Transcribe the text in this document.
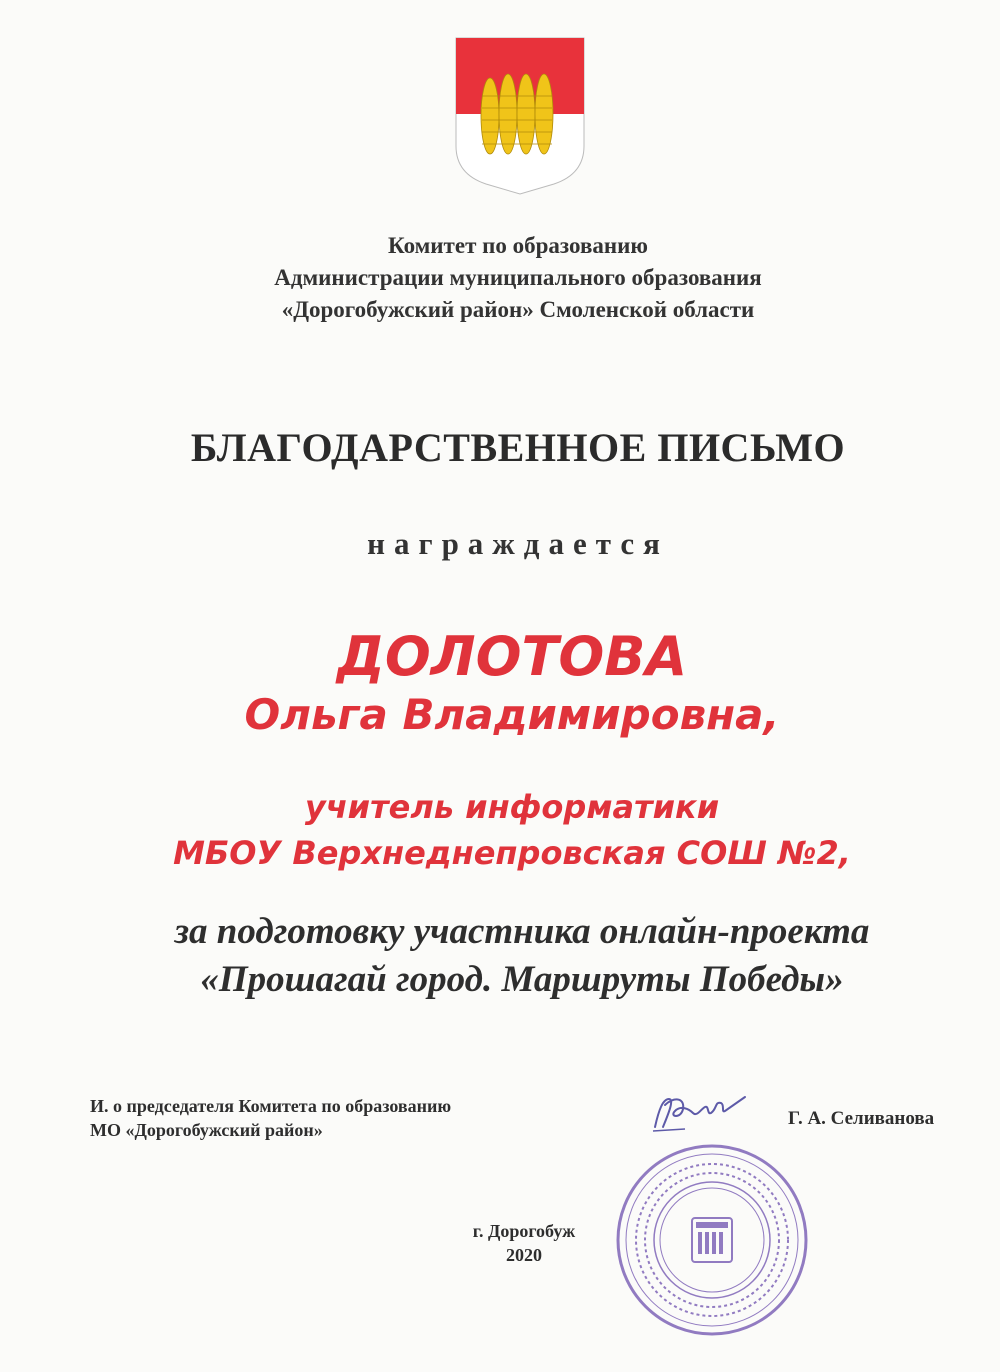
Комитет по образованию
Администрации муниципального образования
«Дорогобужский район» Смоленской области
БЛАГОДАРСТВЕННОЕ ПИСЬМО
награждается
ДОЛОТОВА
Ольга Владимировна,
учитель информатики
МБОУ Верхнеднепровская СОШ №2,
за подготовку участника онлайн-проекта
«Прошагай город. Маршруты Победы»
И. о председателя Комитета по образованию
МО «Дорогобужский район»
Г. А. Селиванова
г. Дорогобуж
2020
